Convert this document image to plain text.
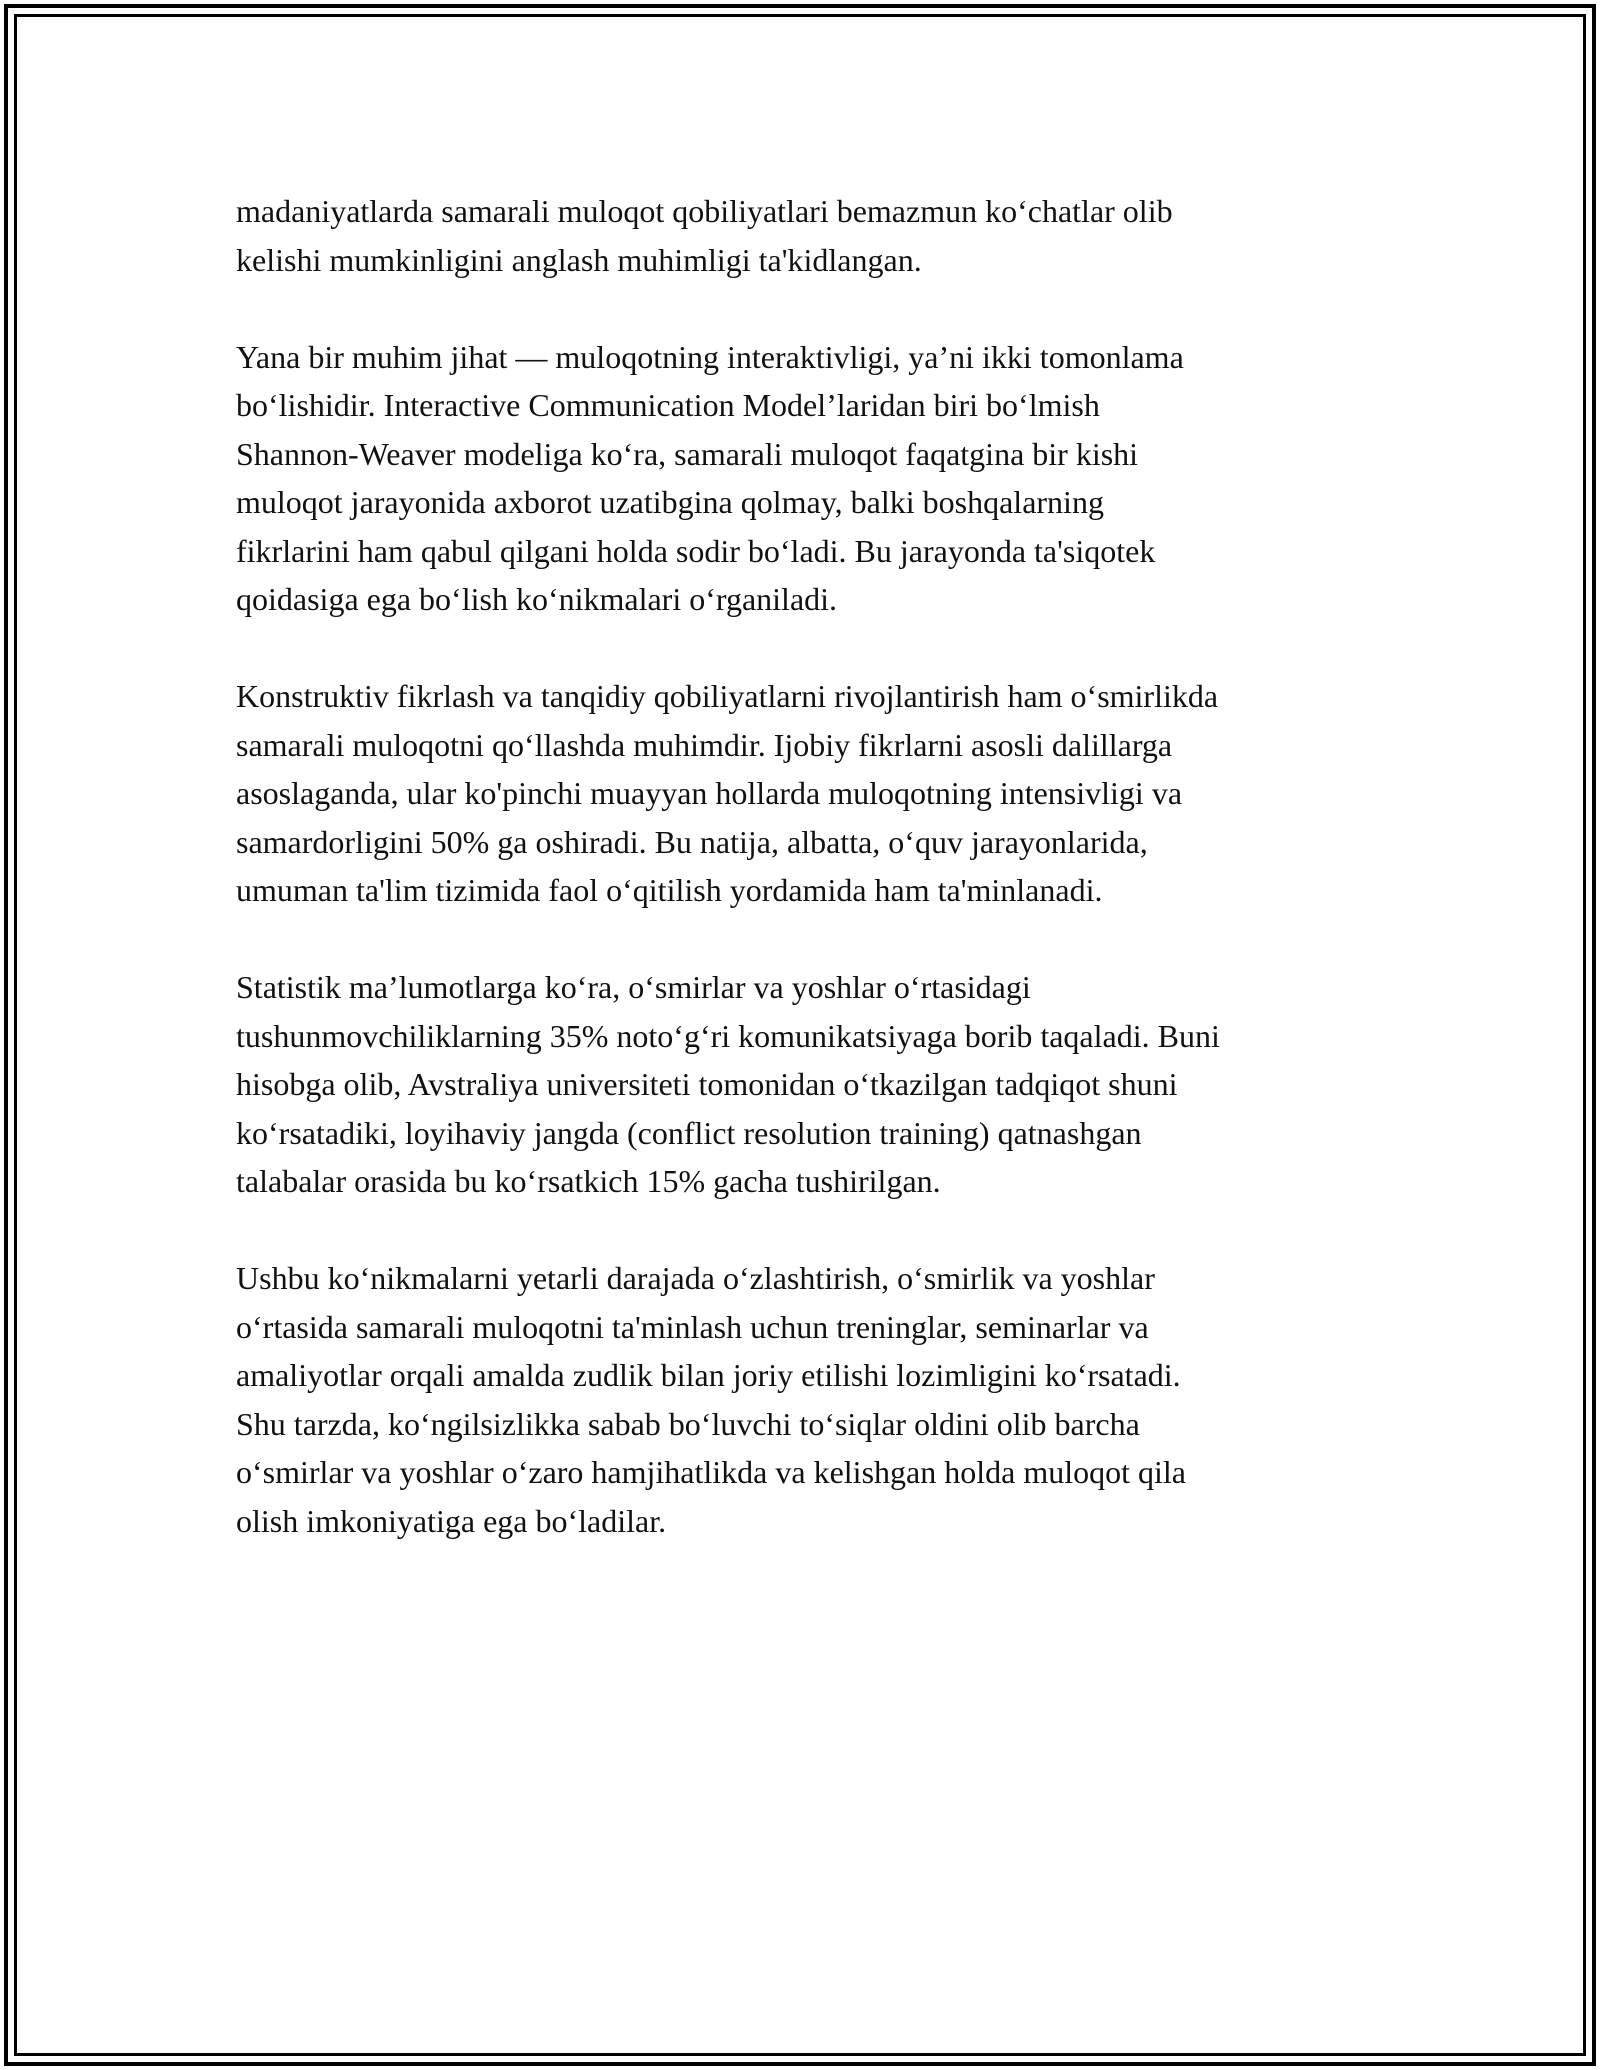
madaniyatlarda samarali muloqot qobiliyatlari bemazmun koʻchatlar olib
kelishi mumkinligini anglash muhimligi ta'kidlangan.

Yana bir muhim jihat — muloqotning interaktivligi, ya’ni ikki tomonlama
boʻlishidir. Interactive Communication Model’laridan biri boʻlmish
Shannon-Weaver modeliga koʻra, samarali muloqot faqatgina bir kishi
muloqot jarayonida axborot uzatibgina qolmay, balki boshqalarning
fikrlarini ham qabul qilgani holda sodir boʻladi. Bu jarayonda ta'siqotek
qoidasiga ega boʻlish koʻnikmalari oʻrganiladi.

Konstruktiv fikrlash va tanqidiy qobiliyatlarni rivojlantirish ham oʻsmirlikda
samarali muloqotni qoʻllashda muhimdir. Ijobiy fikrlarni asosli dalillarga
asoslaganda, ular ko'pinchi muayyan hollarda muloqotning intensivligi va
samardorligini 50% ga oshiradi. Bu natija, albatta, oʻquv jarayonlarida,
umuman ta'lim tizimida faol oʻqitilish yordamida ham ta'minlanadi.

Statistik ma’lumotlarga koʻra, oʻsmirlar va yoshlar oʻrtasidagi
tushunmovchiliklarning 35% notoʻgʻri komunikatsiyaga borib taqaladi. Buni
hisobga olib, Avstraliya universiteti tomonidan oʻtkazilgan tadqiqot shuni
koʻrsatadiki, loyihaviy jangda (conflict resolution training) qatnashgan
talabalar orasida bu koʻrsatkich 15% gacha tushirilgan.

Ushbu koʻnikmalarni yetarli darajada oʻzlashtirish, oʻsmirlik va yoshlar
oʻrtasida samarali muloqotni ta'minlash uchun treninglar, seminarlar va
amaliyotlar orqali amalda zudlik bilan joriy etilishi lozimligini koʻrsatadi.
Shu tarzda, koʻngilsizlikka sabab boʻluvchi toʻsiqlar oldini olib barcha
oʻsmirlar va yoshlar oʻzaro hamjihatlikda va kelishgan holda muloqot qila
olish imkoniyatiga ega boʻladilar.
